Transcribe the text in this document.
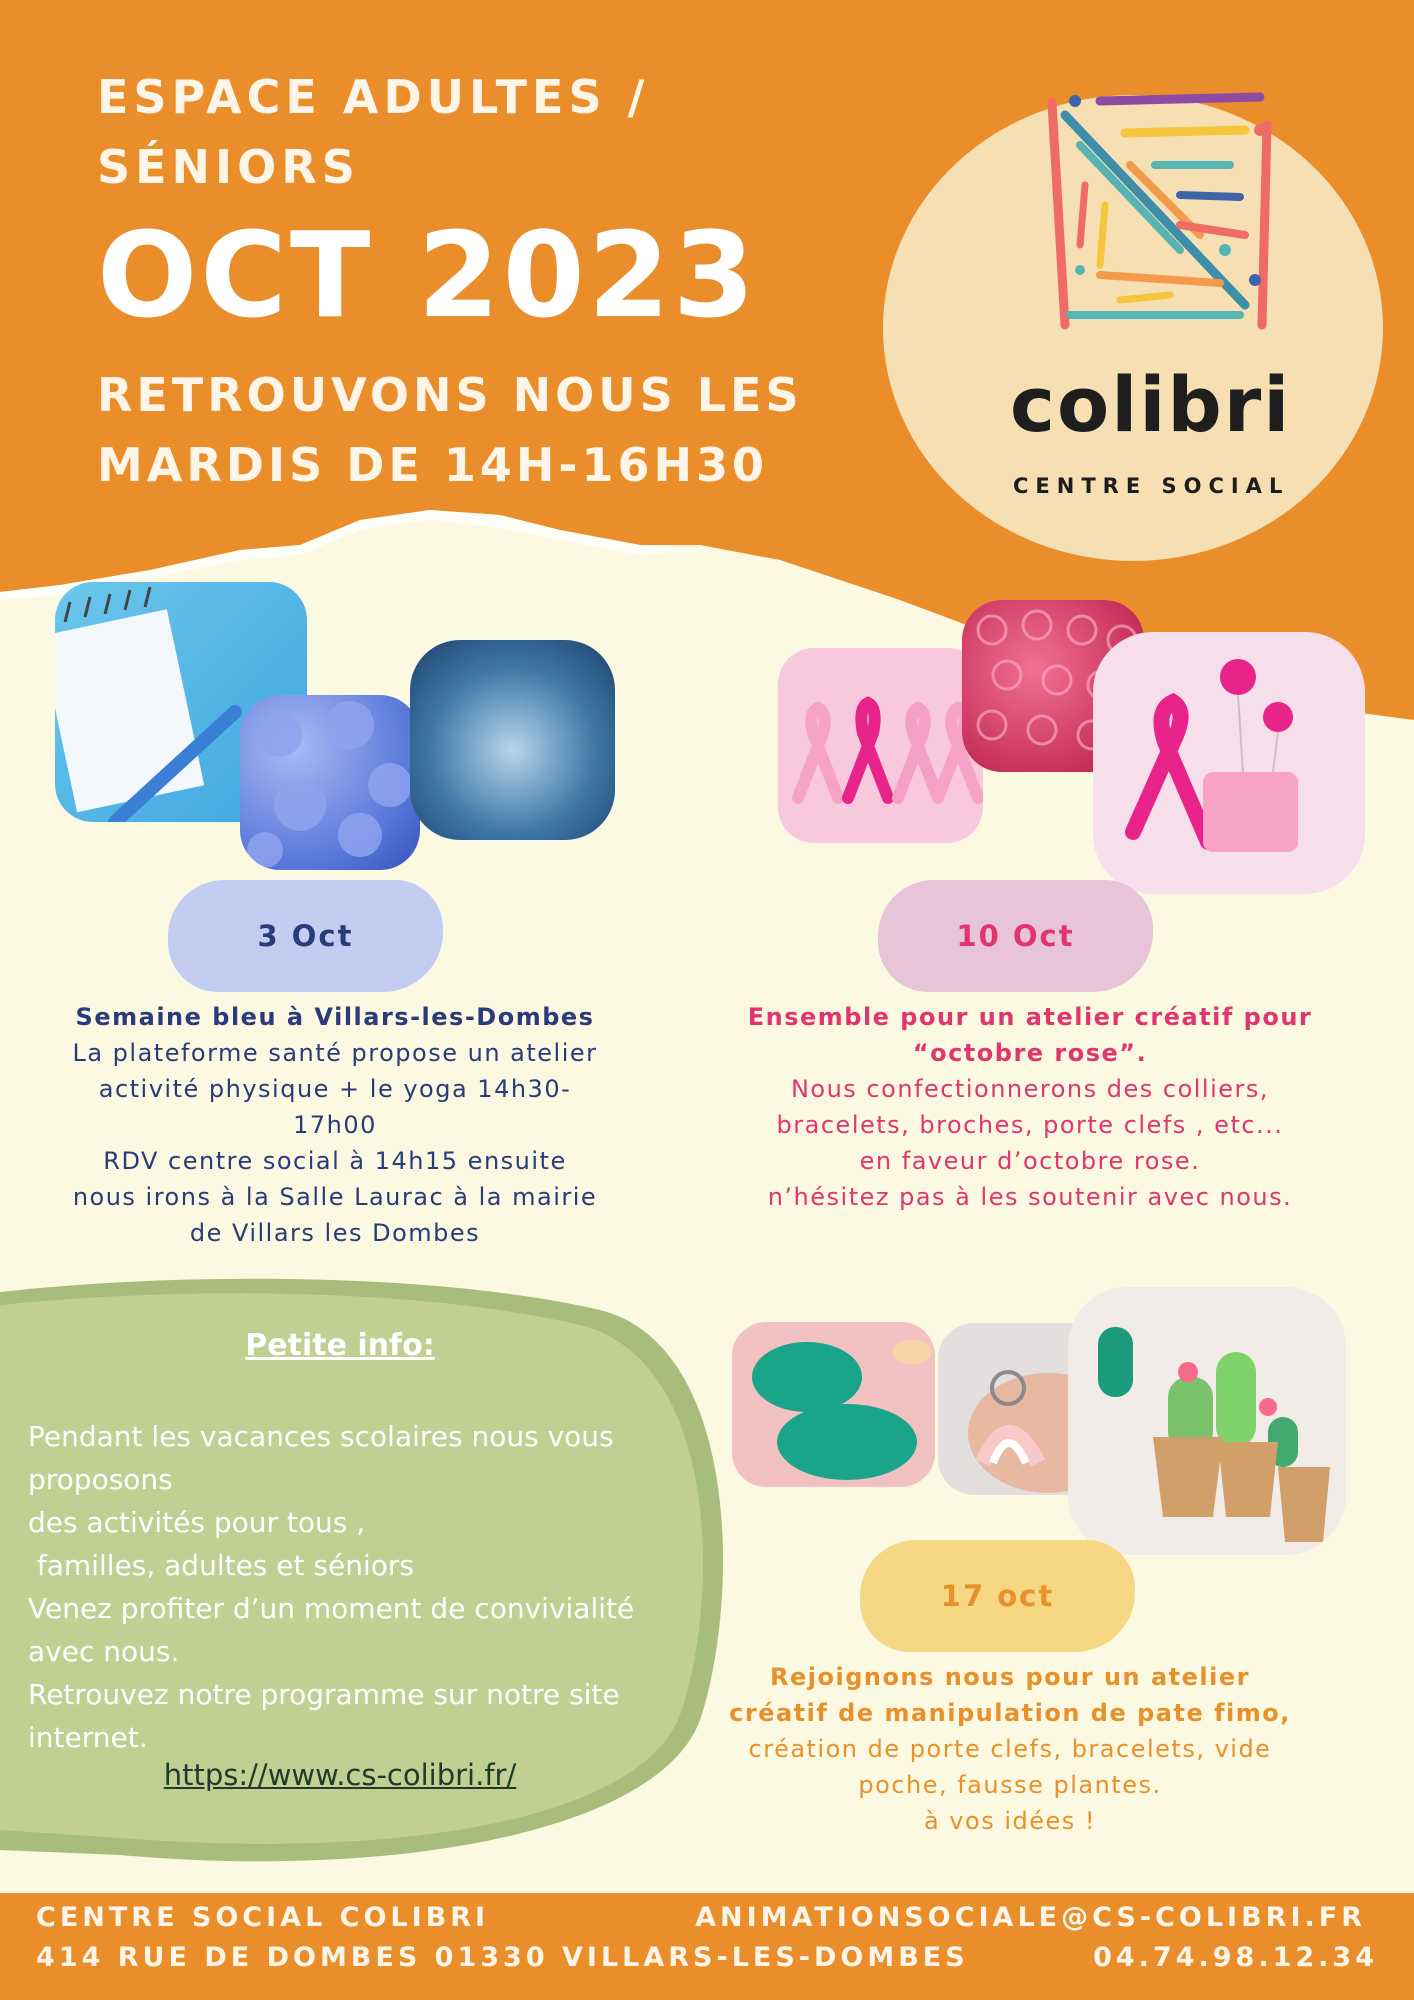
ESPACE ADULTES /
SÉNIORS
OCT 2023
RETROUVONS NOUS LES
MARDIS DE 14H-16H30
colibri
CENTRE SOCIAL
3 Oct	10 Oct
17 oct
Semaine bleu à Villars-les-Dombes
La plateforme santé propose un atelier
activité physique + le yoga 14h30-
17h00
RDV centre social à 14h15 ensuite
nous irons à la Salle Laurac à la mairie
de Villars les Dombes
Ensemble pour un atelier créatif pour
“octobre rose”.
Nous confectionnerons des colliers,
bracelets, broches, porte clefs , etc...
en faveur d’octobre rose.
n’hésitez pas à les soutenir avec nous.
Rejoignons nous pour un atelier
créatif de manipulation de pate fimo,
création de porte clefs, bracelets, vide
poche, fausse plantes.
à vos idées !
Petite info:
Pendant les vacances scolaires nous vous
proposons
des activités pour tous ,
familles, adultes et séniors
Venez profiter d’un moment de convivialité
avec nous.
Retrouvez notre programme sur notre site
internet.
https://www.cs-colibri.fr/
CENTRE SOCIAL COLIBRI
414 RUE DE DOMBES 01330 VILLARS-LES-DOMBES
ANIMATIONSOCIALE@CS-COLIBRI.FR
04.74.98.12.34
